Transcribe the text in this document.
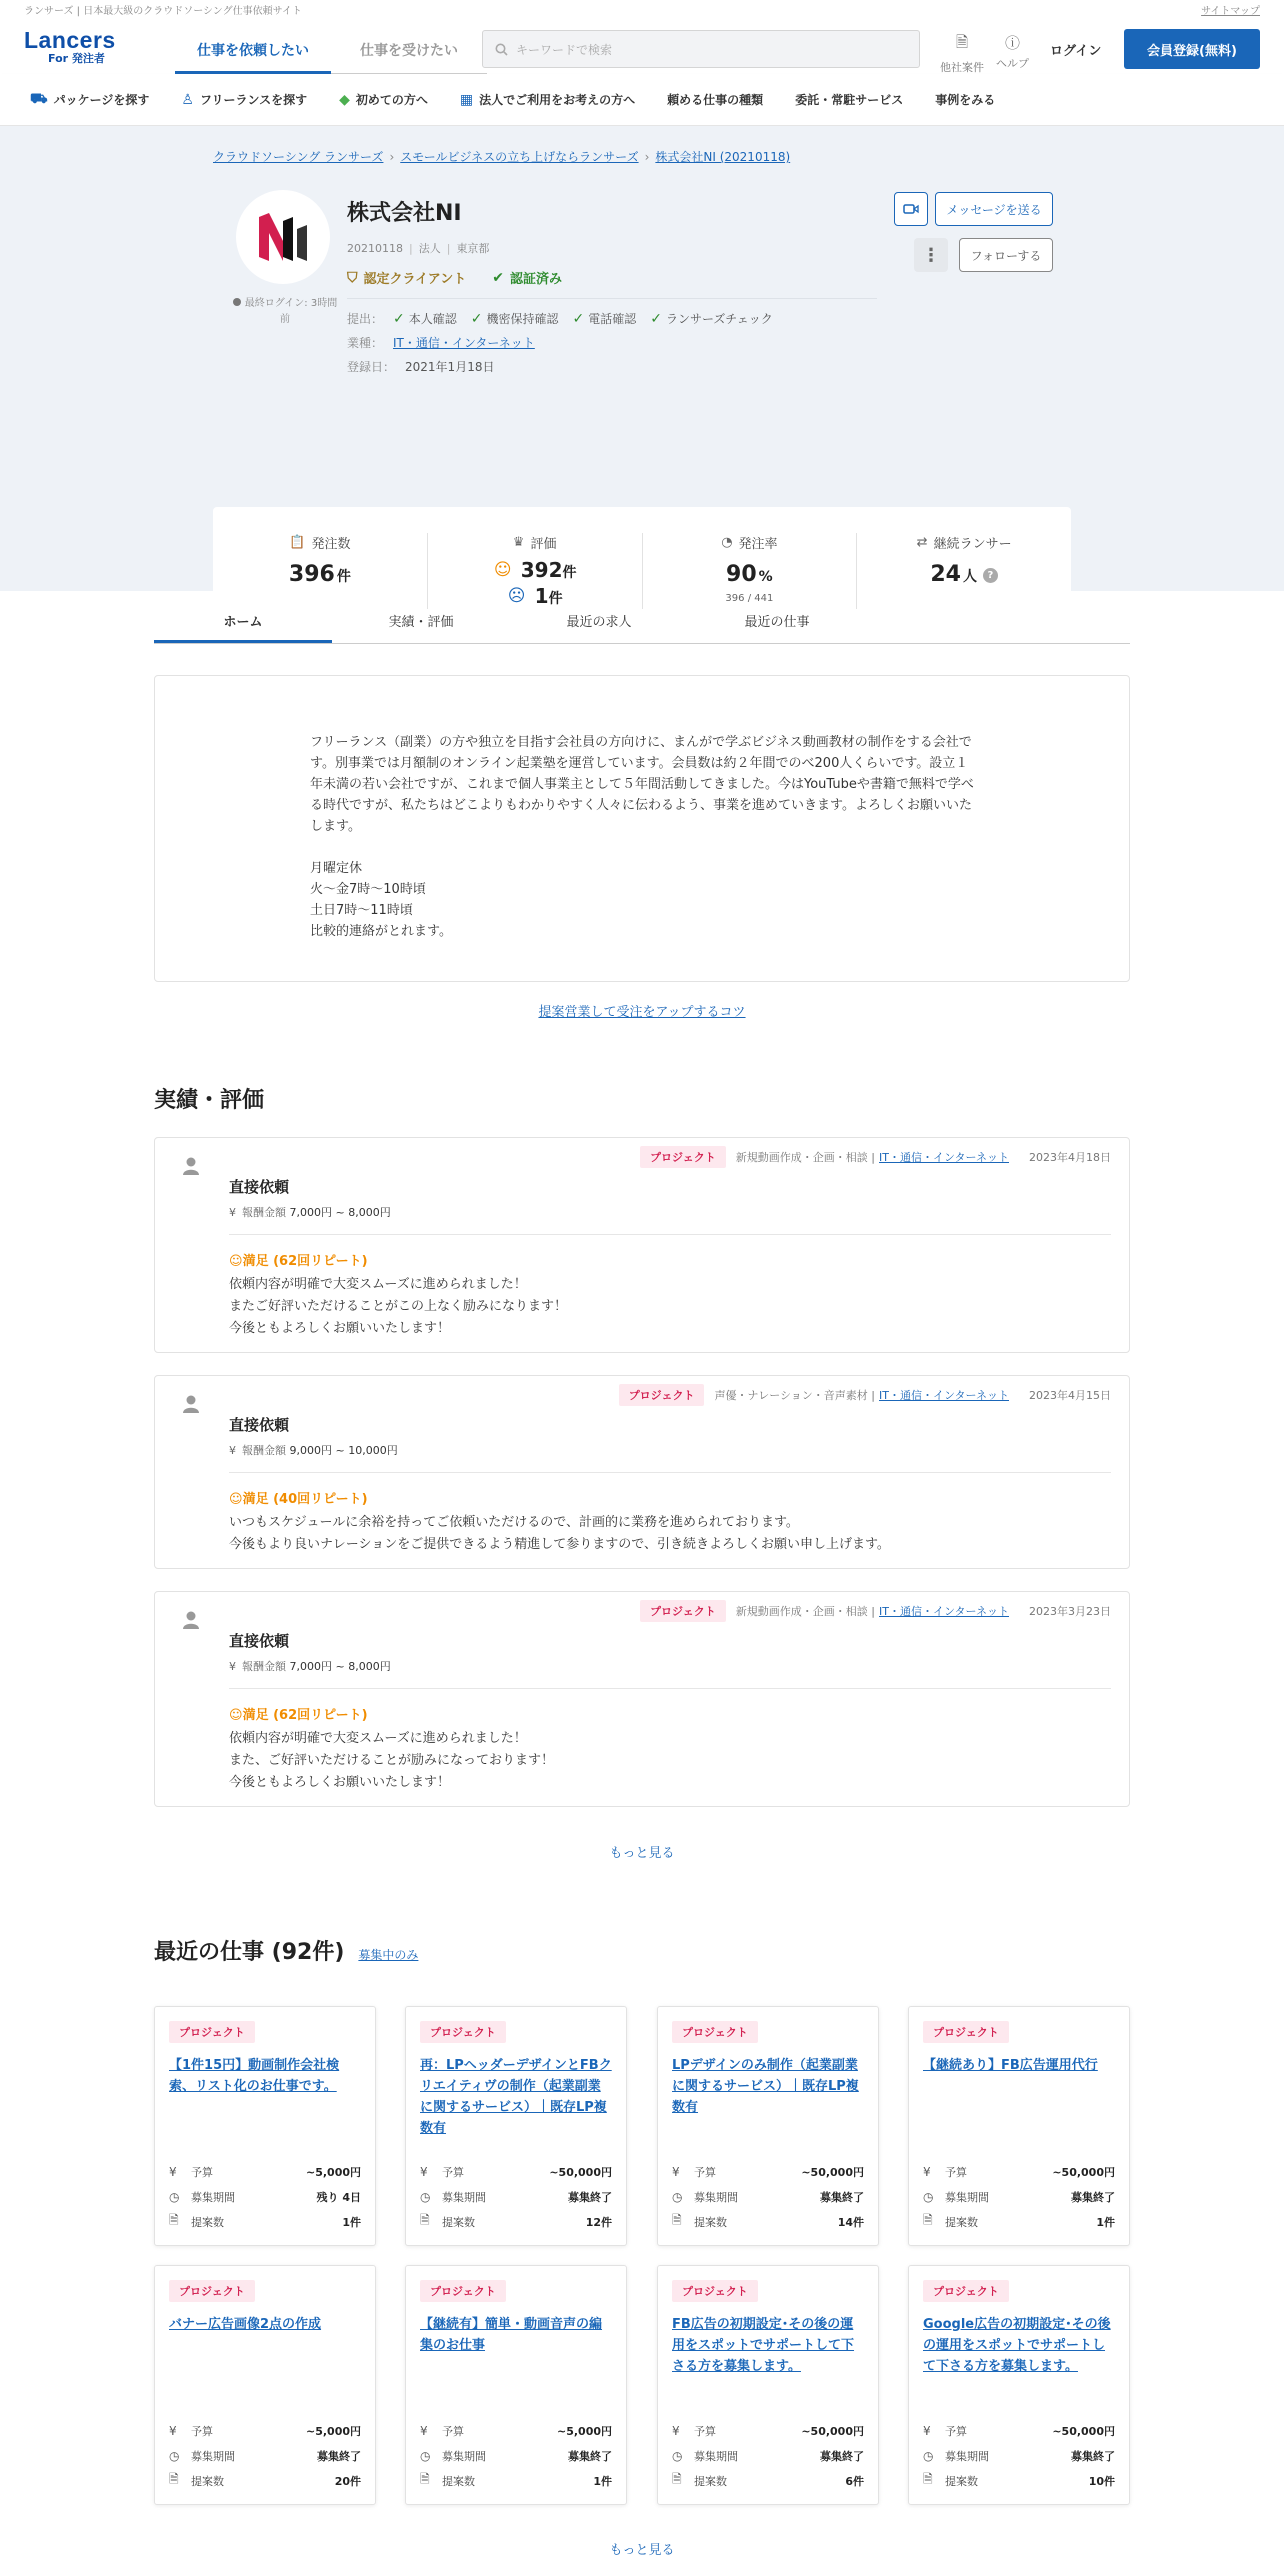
ランサーズ | 日本最大級のクラウドソーシング仕事依頼サイト	サイトマップ
Lancers
For 発注者	仕事を依頼したい	仕事を受けたい	キーワードで検索	🗎
他社案件
ⓘ
ヘルプ
ログイン	会員登録(無料)
⛟ パッケージを探す ♙ フリーランスを探す ◆ 初めての方へ ▦ 法人でご利用をお考えの方へ	頼める仕事の種類	委託・常駐サービス	事例をみる
クラウドソーシング ランサーズ › スモールビジネスの立ち上げならランサーズ › 株式会社NI (20210118)
最終ログイン: 3時間前
株式会社NI
20210118 | 法人 | 東京都
⛉ 認定クライアント ✔ 認証済み
提出： ✓ 本人確認 ✓ 機密保持確認 ✓ 電話確認 ✓ ランサーズチェック
業種： IT・通信・インターネット
登録日： 2021年1月18日
メッセージを送る
⋮	フォローする
📋 発注数
396 件
♛ 評価
☺ 392件
☹ 1件
◔ 発注率
90 %
396 / 441
⇄ 継続ランサー
24 人 ?
ホーム	実績・評価	最近の求人	最近の仕事

フリーランス（副業）の方や独立を目指す会社員の方向けに、まんがで学ぶビジネス動画教材の制作をする会社です。別事業では月額制のオンライン起業塾を運営しています。会員数は約２年間でのべ200人くらいです。設立１年未満の若い会社ですが、これまで個人事業主として５年間活動してきました。今はYouTubeや書籍で無料で学べる時代ですが、私たちはどこよりもわかりやすく人々に伝わるよう、事業を進めていきます。よろしくお願いいたします。

月曜定休
火～金7時～10時頃
土日7時～11時頃
比較的連絡がとれます。

提案営業して受注をアップするコツ
実績・評価
プロジェクト	新規動画作成・企画・相談 | IT・通信・インターネット 2023年4月18日
直接依頼
¥ 報酬金額 7,000円 ~ 8,000円
☺満足 (62回リピート)
依頼内容が明確で大変スムーズに進められました！
またご好評いただけることがこの上なく励みになります！
今後ともよろしくお願いいたします！
プロジェクト	声優・ナレーション・音声素材 | IT・通信・インターネット 2023年4月15日
直接依頼
¥ 報酬金額 9,000円 ~ 10,000円
☺満足 (40回リピート)
いつもスケジュールに余裕を持ってご依頼いただけるので、計画的に業務を進められております。
今後もより良いナレーションをご提供できるよう精進して参りますので、引き続きよろしくお願い申し上げます。
プロジェクト	新規動画作成・企画・相談 | IT・通信・インターネット 2023年3月23日
直接依頼
¥ 報酬金額 7,000円 ~ 8,000円
☺満足 (62回リピート)
依頼内容が明確で大変スムーズに進められました！
また、ご好評いただけることが励みになっております！
今後ともよろしくお願いいたします！
もっと見る
最近の仕事 (92件) 募集中のみ
プロジェクト
【1件15円】動画制作会社検索、リスト化のお仕事です。
¥	予算	~5,000円
◷	募集期間	残り 4日
🗎	提案数	1件
プロジェクト
再：LPヘッダーデザインとFBクリエイティヴの制作（起業副業に関するサービス）｜既存LP複数有
¥	予算	~50,000円
◷	募集期間	募集終了
🗎	提案数	12件
プロジェクト
LPデザインのみ制作（起業副業に関するサービス）｜既存LP複数有
¥	予算	~50,000円
◷	募集期間	募集終了
🗎	提案数	14件
プロジェクト
【継続あり】FB広告運用代行
¥	予算	~50,000円
◷	募集期間	募集終了
🗎	提案数	1件
プロジェクト
バナー広告画像2点の作成
¥	予算	~5,000円
◷	募集期間	募集終了
🗎	提案数	20件
プロジェクト
【継続有】簡単・動画音声の編集のお仕事
¥	予算	~5,000円
◷	募集期間	募集終了
🗎	提案数	1件
プロジェクト
FB広告の初期設定･その後の運用をスポットでサポートして下さる方を募集します。
¥	予算	~50,000円
◷	募集期間	募集終了
🗎	提案数	6件
プロジェクト
Google広告の初期設定･その後の運用をスポットでサポートして下さる方を募集します。
¥	予算	~50,000円
◷	募集期間	募集終了
🗎	提案数	10件
もっと見る
